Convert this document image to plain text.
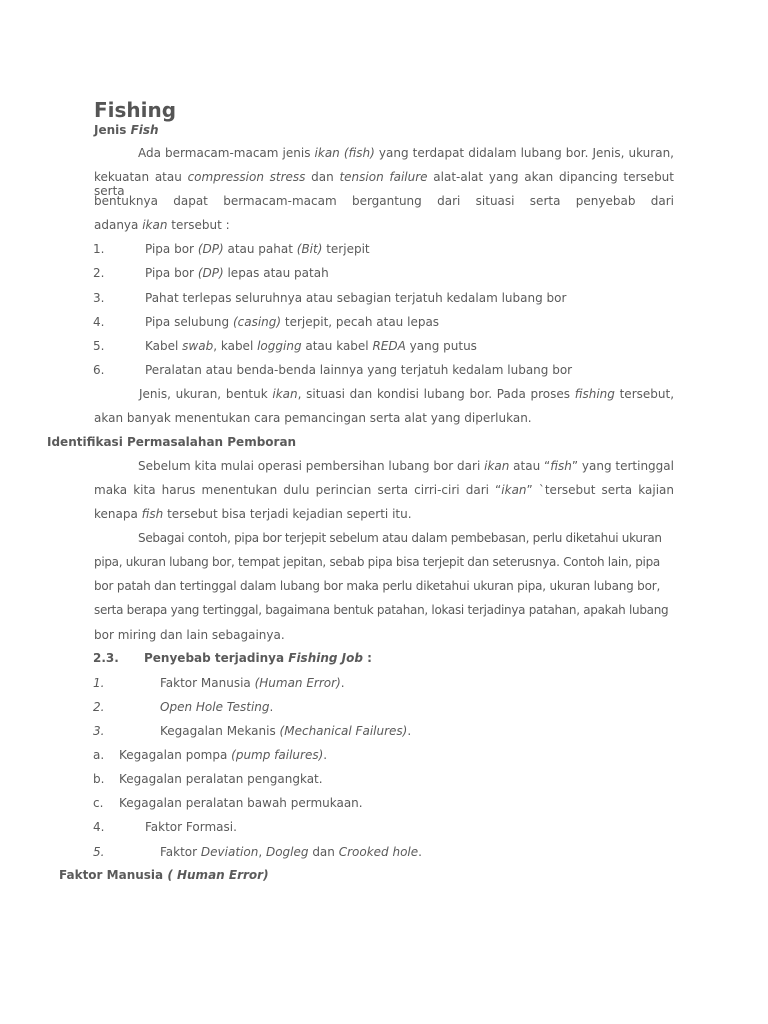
Fishing
Jenis Fish
Ada bermacam-macam jenis ikan (fish) yang terdapat didalam lubang bor. Jenis, ukuran,
kekuatan atau compression stress dan tension failure alat-alat yang akan dipancing tersebut serta
bentuknya dapat bermacam-macam bergantung dari situasi serta penyebab dari
adanya ikan tersebut :
1.	Pipa bor (DP) atau pahat (Bit) terjepit
2.	Pipa bor (DP) lepas atau patah
3.	Pahat terlepas seluruhnya atau sebagian terjatuh kedalam lubang bor
4.	Pipa selubung (casing) terjepit, pecah atau lepas
5.	Kabel swab, kabel logging atau kabel REDA yang putus
6.	Peralatan atau benda-benda lainnya yang terjatuh kedalam lubang bor
Jenis, ukuran, bentuk ikan, situasi dan kondisi lubang bor. Pada proses fishing tersebut,
akan banyak menentukan cara pemancingan serta alat yang diperlukan.
Identifikasi Permasalahan Pemboran
Sebelum kita mulai operasi pembersihan lubang bor dari ikan atau “fish” yang tertinggal
maka kita harus menentukan dulu perincian serta cirri-ciri dari “ikan” `tersebut serta kajian
kenapa fish tersebut bisa terjadi kejadian seperti itu.
Sebagai contoh, pipa bor terjepit sebelum atau dalam pembebasan, perlu diketahui ukuran
pipa, ukuran lubang bor, tempat jepitan, sebab pipa bisa terjepit dan seterusnya. Contoh lain, pipa
bor patah dan tertinggal dalam lubang bor maka perlu diketahui ukuran pipa, ukuran lubang bor,
serta berapa yang tertinggal, bagaimana bentuk patahan, lokasi terjadinya patahan, apakah lubang
bor miring dan lain sebagainya.
2.3. Penyebab terjadinya Fishing Job :
1.	Faktor Manusia (Human Error).
2.	Open Hole Testing.
3.	Kegagalan Mekanis (Mechanical Failures).
a. Kegagalan pompa (pump failures).
b. Kegagalan peralatan pengangkat.
c. Kegagalan peralatan bawah permukaan.
4.	Faktor Formasi.
5.	Faktor Deviation, Dogleg dan Crooked hole.
Faktor Manusia ( Human Error)
